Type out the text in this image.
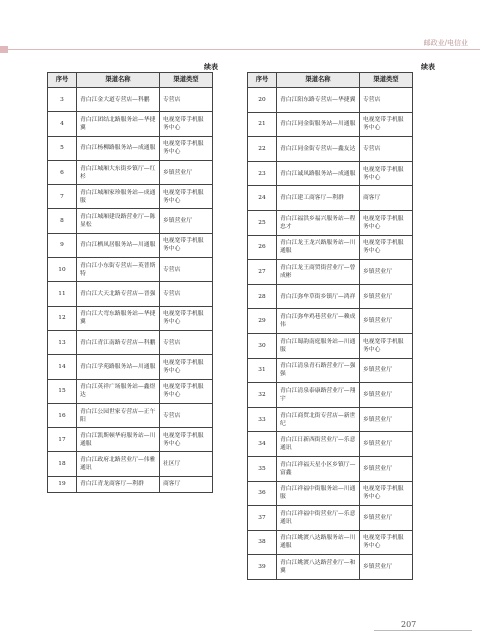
邮政业/电信业
续表	续表
序号	渠道名称	渠道类型
3	青白江金大道专营店—科鹏	专营店
4	青白江团结北路服务站—华捷翼	电视宽带手机服务中心
5	青白江杨柳路服务站—成通服	电视宽带手机服务中心
6	青白江城厢大东街乡镇厅—红杉	乡镇营业厅
7	青白江城厢家珍服务站—成通服	电视宽带手机服务中心
8	青白江城厢建设路营业厅—陈显松	乡镇营业厅
9	青白江栖凤居服务站—川通服	电视宽带手机服务中心
10	青白江小东街专营店—英普斯特	专营店
11	青白江大天北路专营店—晋强	专营店
12	青白江大弯东路服务站—华捷翼	电视宽带手机服务中心
13	青白江青江南路专营店—科鹏	专营店
14	青白江学苑路服务站—川通服	电视宽带手机服务中心
15	青白江英祥广场服务站—鑫煜达	电视宽带手机服务中心
16	青白江公园世家专营店—正午阳	专营店
17	青白江凯斯顿华府服务站—川通服	电视宽带手机服务中心
18	青白江政府北路营业厅—伟雅通讯	社区厅
19	青白江青龙商客厅—利群	商客厅
序号	渠道名称	渠道类型
20	青白江阳东路专营店—华捷翼	专营店
21	青白江同金街服务站—川通服	电视宽带手机服务中心
22	青白江同金街专营店—鑫友达	专营店
23	青白江诚凤路服务站—成通服	电视宽带手机服务中心
24	青白江建工商客厅—利群	商客厅
25	青白江福洪乡福兴服务站—程忠才	电视宽带手机服务中心
26	青白江龙王龙兴路服务站—川通服	电视宽带手机服务中心
27	青白江龙王商贸街营业厅—曾成彬	乡镇营业厅
28	青白江弥牟草街乡镇厅—鸿祥	乡镇营业厅
29	青白江弥牟鸡巷营业厅—赖成伟	乡镇营业厅
30	青白江蜀韵南庭服务站—川通服	电视宽带手机服务中心
31	青白江清泉青石路营业厅—强强	乡镇营业厅
32	青白江清泉泰康路营业厅—翔宇	乡镇营业厅
33	青白江商贸北街专营店—新世纪	乡镇营业厅
34	青白江日新西街营业厅—乐意通讯	乡镇营业厅
35	青白江祥福天星小区乡镇厅—富鑫	乡镇营业厅
36	青白江祥福中街服务站—川通服	电视宽带手机服务中心
37	青白江祥福中街营业厅—乐意通讯	乡镇营业厅
38	青白江姚渡八达路服务站—川通服	电视宽带手机服务中心
39	青白江姚渡八达路营业厅—和翼	乡镇营业厅
207
